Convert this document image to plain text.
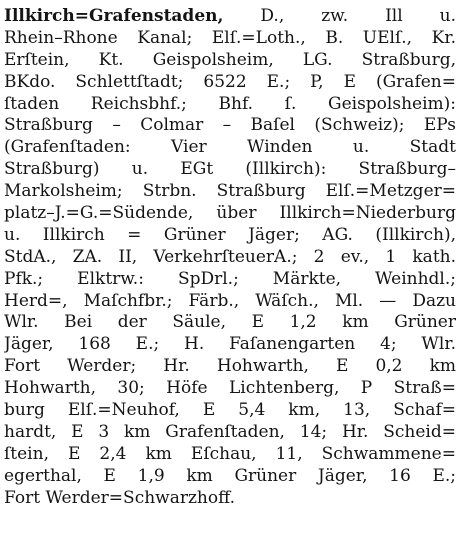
Illkirch=Grafenstaden, D., zw. Ill u.
Rhein–Rhone Kanal; Elſ.=Loth., B. UElſ., Kr.
Erſtein, Kt. Geispolsheim, LG. Straßburg,
BKdo. Schlettſtadt; 6522 E.; P, E (Grafen=
ſtaden Reichsbhf.; Bhf. ſ. Geispolsheim):
Straßburg – Colmar – Baſel (Schweiz); EPs
(Grafenſtaden: Vier Winden u. Stadt
Straßburg) u. EGt (Illkirch): Straßburg–
Markolsheim; Strbn. Straßburg Elſ.=Metzger=
platz–J.=G.=Südende, über Illkirch=Niederburg
u. Illkirch = Grüner Jäger; AG. (Illkirch),
StdA., ZA. II, VerkehrſteuerA.; 2 ev., 1 kath.
Pfk.; Elktrw.: SpDrl.; Märkte, Weinhdl.;
Herd=, Maſchfbr.; Färb., Wäſch., Ml. — Dazu
Wlr. Bei der Säule, E 1,2 km Grüner
Jäger, 168 E.; H. Faſanengarten 4; Wlr.
Fort Werder; Hr. Hohwarth, E 0,2 km
Hohwarth, 30; Höfe Lichtenberg, P Straß=
burg Elſ.=Neuhof, E 5,4 km, 13, Schaf=
hardt, E 3 km Grafenſtaden, 14; Hr. Scheid=
ſtein, E 2,4 km Eſchau, 11, Schwammene=
egerthal, E 1,9 km Grüner Jäger, 16 E.;
Fort Werder=Schwarzhoff.
